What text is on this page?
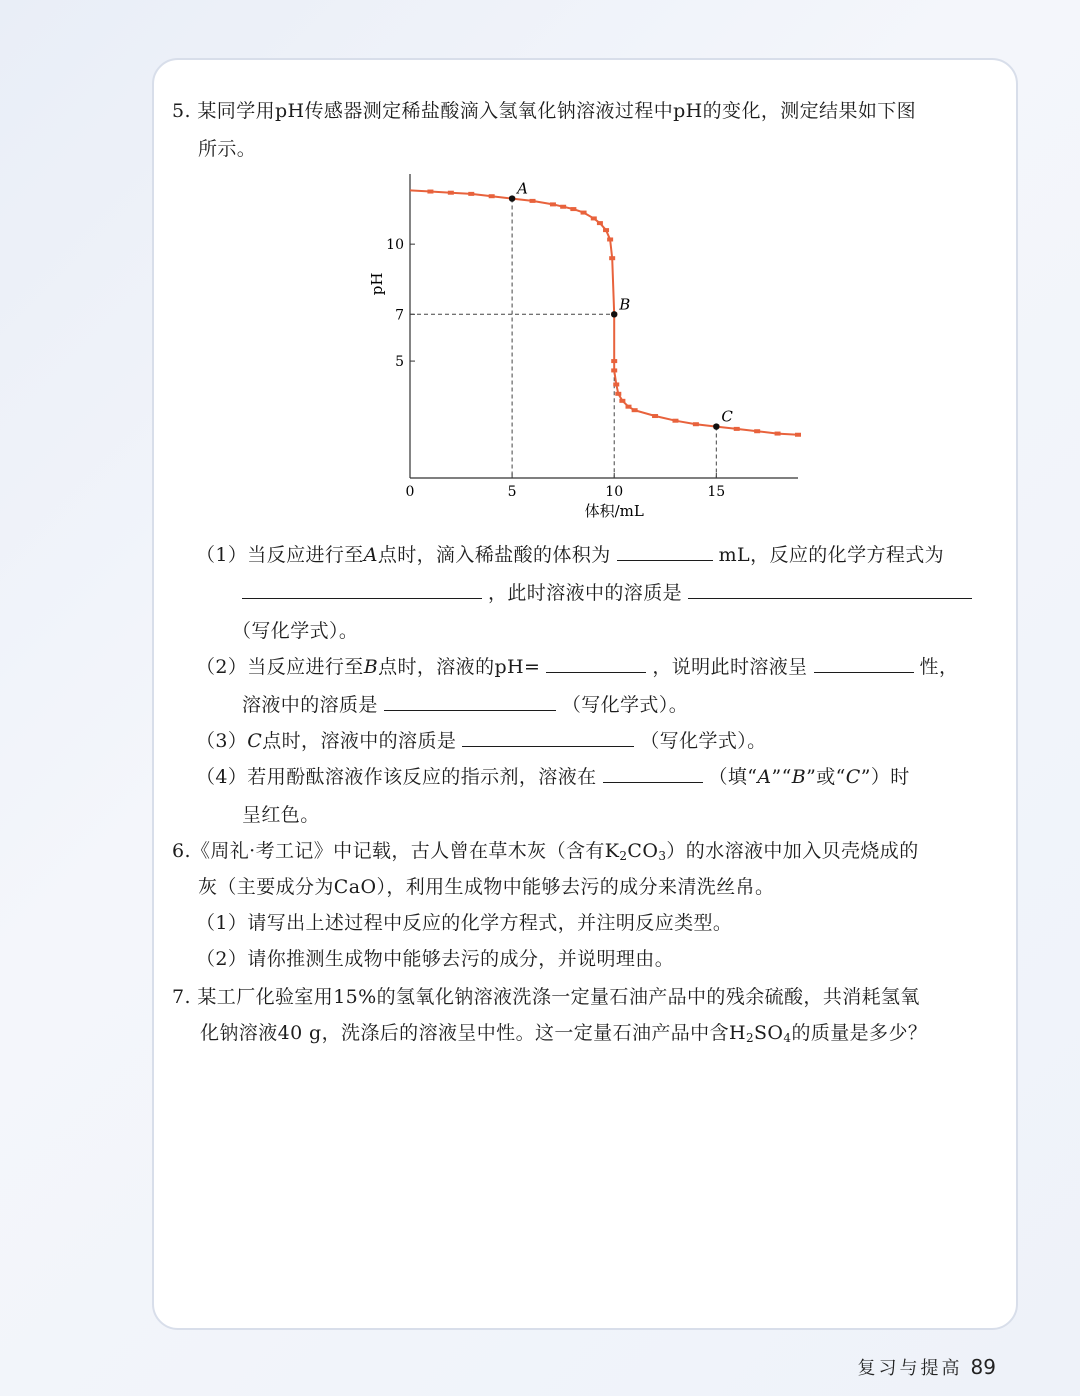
5. 某同学用pH传感器测定稀盐酸滴入氢氧化钠溶液过程中pH的变化，测定结果如下图
所示。
A
B
C
0	5	10	15
5
7
10
体积/mL
pH
（1）当反应进行至A点时，滴入稀盐酸的体积为	mL，反应的化学方程式为
，此时溶液中的溶质是
（写化学式）。
（2）当反应进行至B点时，溶液的pH=	，说明此时溶液呈	性，
溶液中的溶质是	（写化学式）。
（3）C点时，溶液中的溶质是	（写化学式）。
（4）若用酚酞溶液作该反应的指示剂，溶液在	（填“A”“B”或“C”）时
呈红色。
6.《周礼·考工记》中记载，古人曾在草木灰（含有$K_2CO_3$）的水溶液中加入贝壳烧成的
灰（主要成分为CaO），利用生成物中能够去污的成分来清洗丝帛。
（1）请写出上述过程中反应的化学方程式，并注明反应类型。
（2）请你推测生成物中能够去污的成分，并说明理由。
7. 某工厂化验室用15%的氢氧化钠溶液洗涤一定量石油产品中的残余硫酸，共消耗氢氧
化钠溶液40 g，洗涤后的溶液呈中性。这一定量石油产品中含$H_2SO_4$的质量是多少？
复习与提高 89
